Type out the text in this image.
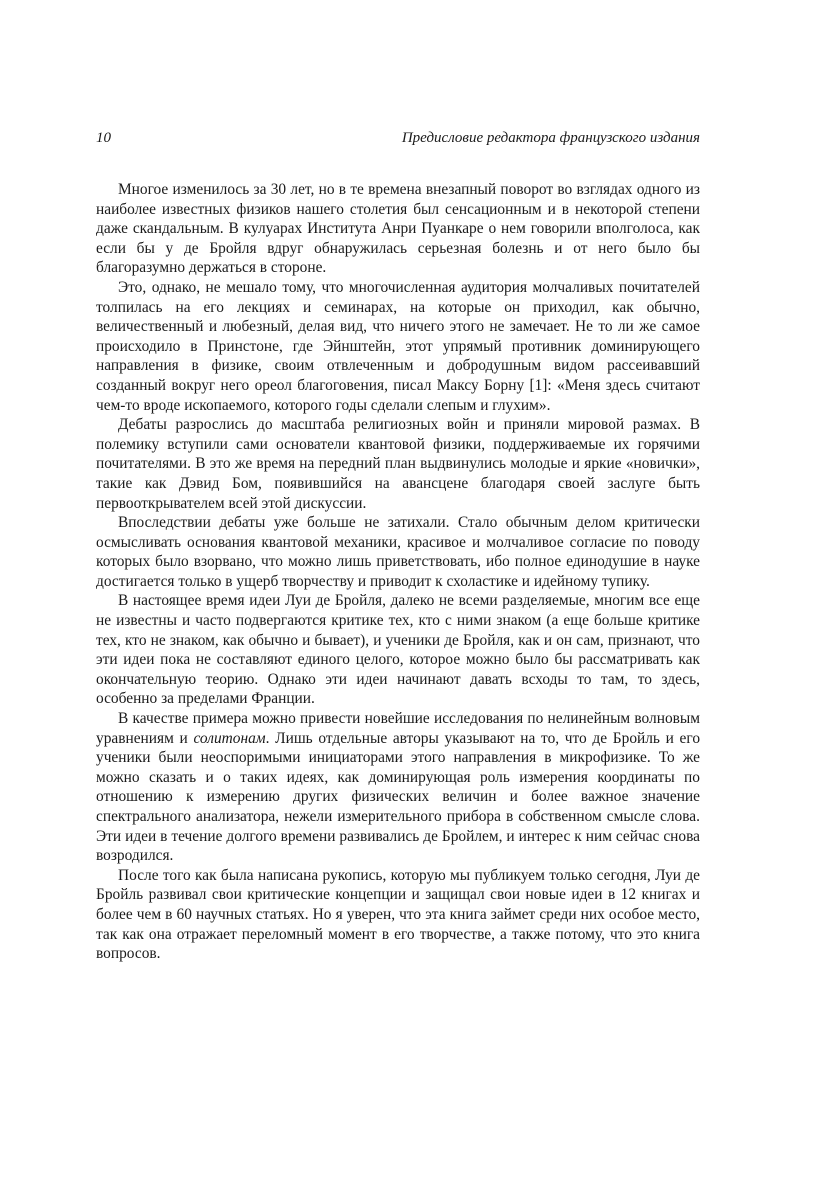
10	Предисловие редактора французского издания

Многое изменилось за 30 лет, но в те времена внезапный поворот во взглядах одного из наиболее известных физиков нашего столетия был сенсационным и в некоторой степени даже скандальным. В кулуарах Института Анри Пуанкаре о нем говорили вполголоса, как если бы у де Бройля вдруг обнаружилась серьезная болезнь и от него было бы благоразумно держаться в стороне.

Это, однако, не мешало тому, что многочисленная аудитория молчаливых почитателей толпилась на его лекциях и семинарах, на которые он приходил, как обычно, величественный и любезный, делая вид, что ничего этого не замечает. Не то ли же самое происходило в Принстоне, где Эйнштейн, этот упрямый противник доминирующего направления в физике, своим отвлеченным и добродушным видом рассеивавший созданный вокруг него ореол благоговения, писал Максу Борну [1]: «Меня здесь считают чем-то вроде ископаемого, которого годы сделали слепым и глухим».

Дебаты разрослись до масштаба религиозных войн и приняли мировой размах. В полемику вступили сами основатели квантовой физики, поддерживаемые их горячими почитателями. В это же время на передний план выдвинулись молодые и яркие «новички», такие как Дэвид Бом, появившийся на авансцене благодаря своей заслуге быть первооткрывателем всей этой дискуссии.

Впоследствии дебаты уже больше не затихали. Стало обычным делом критически осмысливать основания квантовой механики, красивое и молчаливое согласие по поводу которых было взорвано, что можно лишь приветствовать, ибо полное единодушие в науке достигается только в ущерб творчеству и приводит к схоластике и идейному тупику.

В настоящее время идеи Луи де Бройля, далеко не всеми разделяемые, многим все еще не известны и часто подвергаются критике тех, кто с ними знаком (а еще больше критике тех, кто не знаком, как обычно и бывает), и ученики де Бройля, как и он сам, признают, что эти идеи пока не составляют единого целого, которое можно было бы рассматривать как окончательную теорию. Однако эти идеи начинают давать всходы то там, то здесь, особенно за пределами Франции.

В качестве примера можно привести новейшие исследования по нелинейным волновым уравнениям и солитонам. Лишь отдельные авторы указывают на то, что де Бройль и его ученики были неоспоримыми инициаторами этого направления в микрофизике. То же можно сказать и о таких идеях, как доминирующая роль измерения координаты по отношению к измерению других физических величин и более важное значение спектрального анализатора, нежели измерительного прибора в собственном смысле слова. Эти идеи в течение долгого времени развивались де Бройлем, и интерес к ним сейчас снова возродился.

После того как была написана рукопись, которую мы публикуем только сегодня, Луи де Бройль развивал свои критические концепции и защищал свои новые идеи в 12 книгах и более чем в 60 научных статьях. Но я уверен, что эта книга займет среди них особое место, так как она отражает переломный момент в его творчестве, а также потому, что это книга вопросов.
